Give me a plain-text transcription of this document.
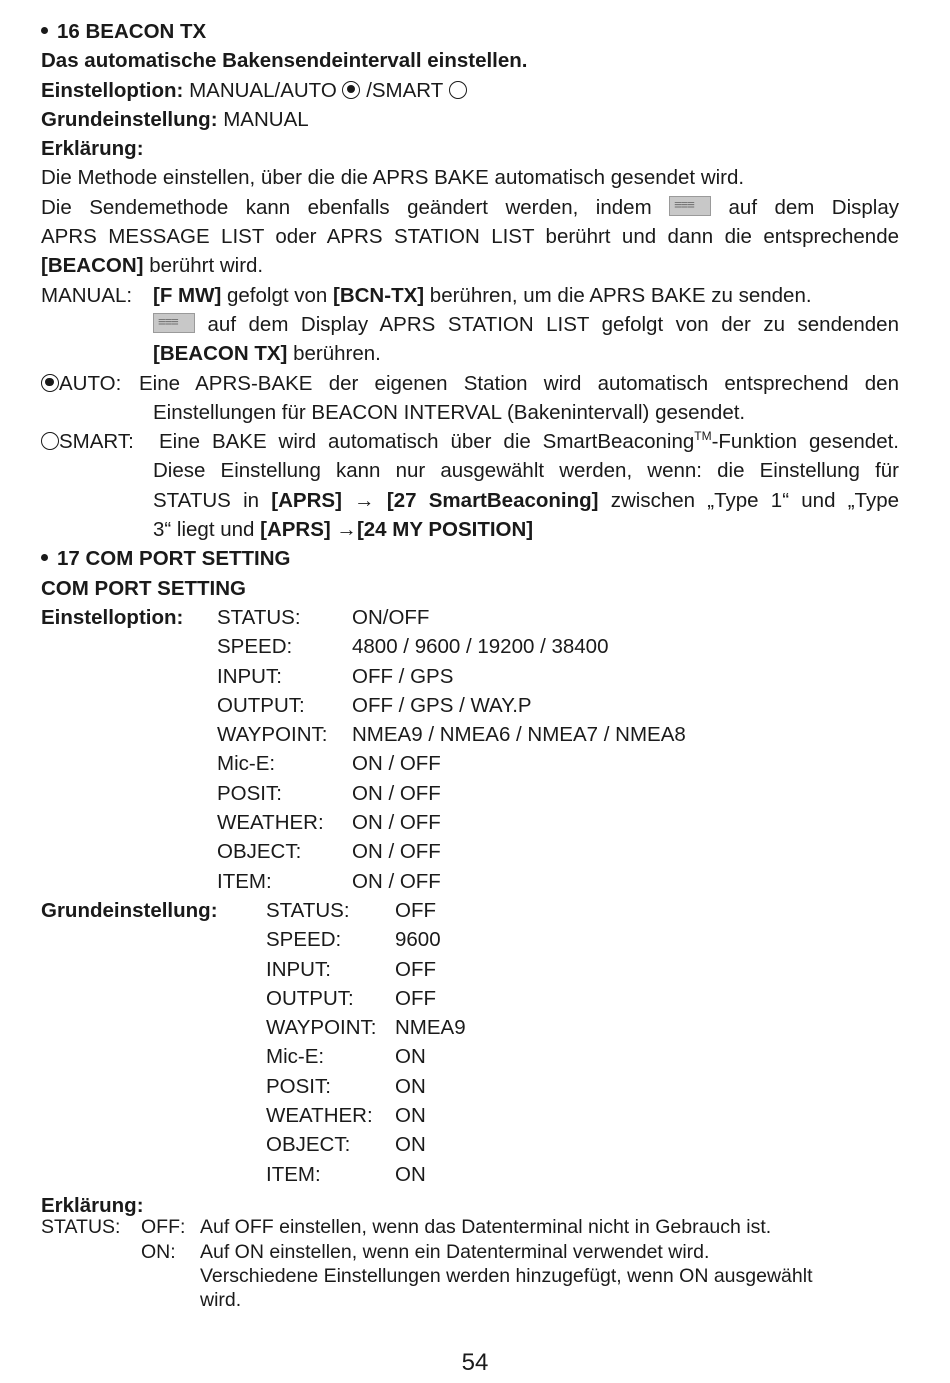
16 BEACON TX
Das automatische Bakensendeintervall einstellen.
Einstelloption: MANUAL/AUTO /SMART
Grundeinstellung: MANUAL
Erklärung:
Die Methode einstellen, über die die APRS BAKE automatisch gesendet wird.
Die Sendemethode kann ebenfalls geändert werden, indem ≡≡≡	auf dem Display
APRS MESSAGE LIST oder APRS STATION LIST berührt und dann die entsprechende
[BEACON] berührt wird.
MANUAL:	[F MW] gefolgt von [BCN-TX] berühren, um die APRS BAKE zu senden.
≡≡≡ auf dem Display APRS STATION LIST gefolgt von der zu sendenden
[BEACON TX] berühren.
AUTO: Eine APRS-BAKE der eigenen Station wird automatisch entsprechend den
Einstellungen für BEACON INTERVAL (Bakenintervall) gesendet.
SMART:	Eine BAKE wird automatisch über die SmartBeaconing™-Funktion gesendet.
Diese Einstellung kann nur ausgewählt werden, wenn: die Einstellung für
STATUS in [APRS] → [27 SmartBeaconing] zwischen „Type 1“ und „Type
3“ liegt und [APRS] →[24 MY POSITION]
17 COM PORT SETTING
COM PORT SETTING
Einstelloption:	STATUS:	ON/OFF
SPEED:	4800 / 9600 / 19200 / 38400
INPUT:	OFF / GPS
OUTPUT:	OFF / GPS / WAY.P
WAYPOINT:	NMEA9 / NMEA6 / NMEA7 / NMEA8
Mic-E:	ON / OFF
POSIT:	ON / OFF
WEATHER:	ON / OFF
OBJECT:	ON / OFF
ITEM:	ON / OFF
Grundeinstellung:	STATUS:	OFF
SPEED:	9600
INPUT:	OFF
OUTPUT:	OFF
WAYPOINT: NMEA9
Mic-E:	ON
POSIT:	ON
WEATHER:	ON
OBJECT:	ON
ITEM:	ON
Erklärung:
STATUS:	OFF: Auf OFF einstellen, wenn das Datenterminal nicht in Gebrauch ist.
ON:	Auf ON einstellen, wenn ein Datenterminal verwendet wird.
Verschiedene Einstellungen werden hinzugefügt, wenn ON ausgewählt
wird.
54
